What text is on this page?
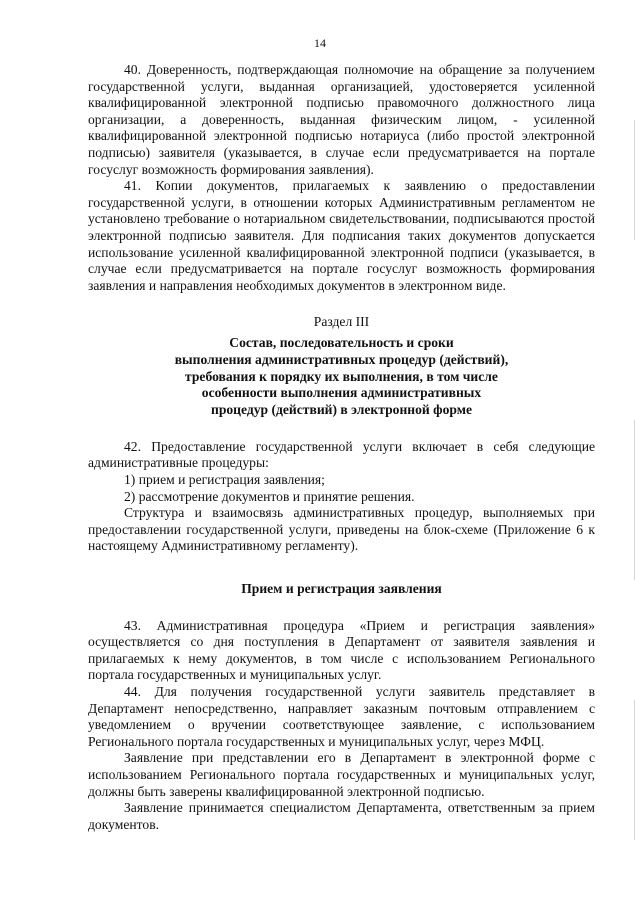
14

40. Доверенность, подтверждающая полномочие на обращение за получением государственной услуги, выданная организацией, удостоверяется усиленной квалифицированной электронной подписью правомочного должностного лица организации, а доверенность, выданная физическим лицом, - усиленной квалифицированной электронной подписью нотариуса (либо простой электронной подписью) заявителя (указывается, в случае если предусматривается на портале госуслуг возможность формирования заявления).

41. Копии документов, прилагаемых к заявлению о предоставлении государственной услуги, в отношении которых Административным регламентом не установлено требование о нотариальном свидетельствовании, подписываются простой электронной подписью заявителя. Для подписания таких документов допускается использование усиленной квалифицированной электронной подписи (указывается, в случае если предусматривается на портале госуслуг возможность формирования заявления и направления необходимых документов в электронном виде.

Раздел III
Состав, последовательность и сроки
выполнения административных процедур (действий),
требования к порядку их выполнения, в том числе
особенности выполнения административных
процедур (действий) в электронной форме

42. Предоставление государственной услуги включает в себя следующие административные процедуры:

1) прием и регистрация заявления;

2) рассмотрение документов и принятие решения.

Структура и взаимосвязь административных процедур, выполняемых при предоставлении государственной услуги, приведены на блок-схеме (Приложение 6 к настоящему Административному регламенту).

Прием и регистрация заявления

43. Административная процедура «Прием и регистрация заявления» осуществляется со дня поступления в Департамент от заявителя заявления и прилагаемых к нему документов, в том числе с использованием Регионального портала государственных и муниципальных услуг.

44. Для получения государственной услуги заявитель представляет в Департамент непосредственно, направляет заказным почтовым отправлением с уведомлением о вручении соответствующее заявление, с использованием Регионального портала государственных и муниципальных услуг, через МФЦ.

Заявление при представлении его в Департамент в электронной форме с использованием Регионального портала государственных и муниципальных услуг, должны быть заверены квалифицированной электронной подписью.

Заявление принимается специалистом Департамента, ответственным за прием документов.
